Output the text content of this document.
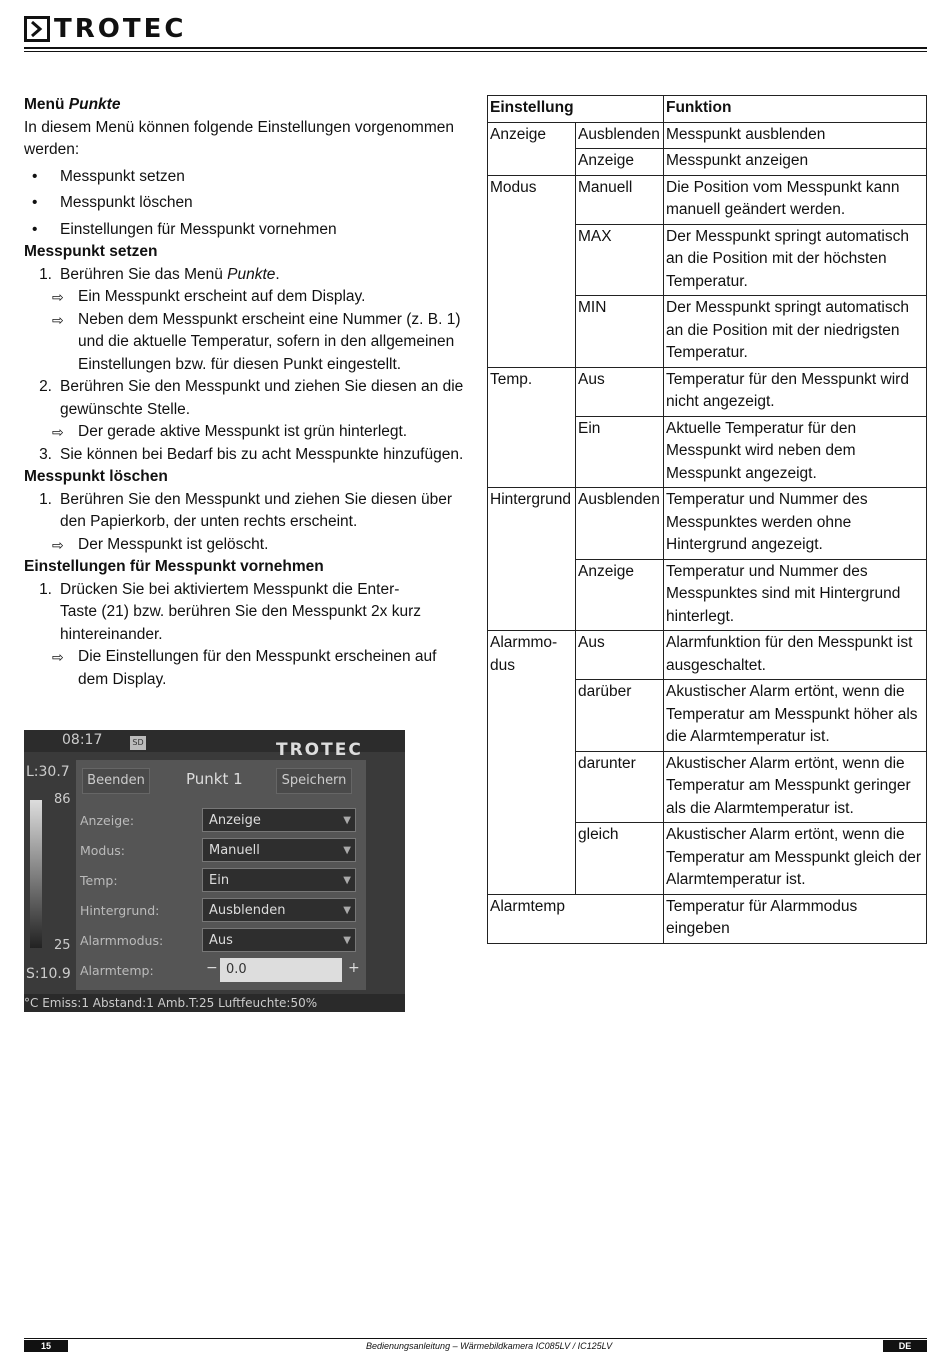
TROTEC

Menü Punkte

In diesem Menü können folgende Einstellungen vorgenommen werden:

•	Messpunkt setzen
•	Messpunkt löschen
•	Einstellungen für Messpunkt vornehmen

Messpunkt setzen

1. Berühren Sie das Menü Punkte.
⇨ Ein Messpunkt erscheint auf dem Display.
⇨ Neben dem Messpunkt erscheint eine Nummer (z. B. 1) und die aktuelle Temperatur, sofern in den allgemeinen Einstellungen bzw. für diesen Punkt eingestellt.
2. Berühren Sie den Messpunkt und ziehen Sie diesen an die gewünschte Stelle.
⇨ Der gerade aktive Messpunkt ist grün hinterlegt.
3. Sie können bei Bedarf bis zu acht Messpunkte hinzufügen.

Messpunkt löschen

1. Berühren Sie den Messpunkt und ziehen Sie diesen über den Papierkorb, der unten rechts erscheint.
⇨ Der Messpunkt ist gelöscht.

Einstellungen für Messpunkt vornehmen

1. Drücken Sie bei aktiviertem Messpunkt die Enter-
Taste (21) bzw. berühren Sie den Messpunkt 2x kurz hintereinander.
⇨ Die Einstellungen für den Messpunkt erscheinen auf dem Display.
08:17	SD	TROTEC
L:30.7
86
25
S:10.9
Beenden	Punkt 1	Speichern
Anzeige:	Anzeige	▼
Modus:	Manuell	▼
Temp:	Ein	▼
Hintergrund:	Ausblenden	▼
Alarmmodus:	Aus	▼
Alarmtemp:	− 0.0	+
°C Emiss:1 Abstand:1 Amb.T:25 Luftfeuchte:50%
Einstellung		Funktion
Anzeige	Ausblenden	Messpunkt ausblenden
	Anzeige	Messpunkt anzeigen
Modus	Manuell	Die Position vom Messpunkt kann manuell geändert werden.
	MAX	Der Messpunkt springt automatisch an die Position mit der höchsten Temperatur.
	MIN	Der Messpunkt springt automatisch an die Position mit der niedrigsten Temperatur.
Temp.	Aus	Temperatur für den Messpunkt wird nicht angezeigt.
	Ein	Aktuelle Temperatur für den Messpunkt wird neben dem Messpunkt angezeigt.
Hintergrund	Ausblenden	Temperatur und Nummer des Messpunktes werden ohne Hintergrund angezeigt.
	Anzeige	Temperatur und Nummer des Messpunktes sind mit Hintergrund hinterlegt.
Alarmmo-dus	Aus	Alarmfunktion für den Messpunkt ist ausgeschaltet.
	darüber	Akustischer Alarm ertönt, wenn die Temperatur am Messpunkt höher als die Alarmtemperatur ist.
	darunter	Akustischer Alarm ertönt, wenn die Temperatur am Messpunkt geringer als die Alarmtemperatur ist.
	gleich	Akustischer Alarm ertönt, wenn die Temperatur am Messpunkt gleich der Alarmtemperatur ist.
Alarmtemp		Temperatur für Alarmmodus eingeben
15	Bedienungsanleitung – Wärmebildkamera IC085LV / IC125LV	DE
